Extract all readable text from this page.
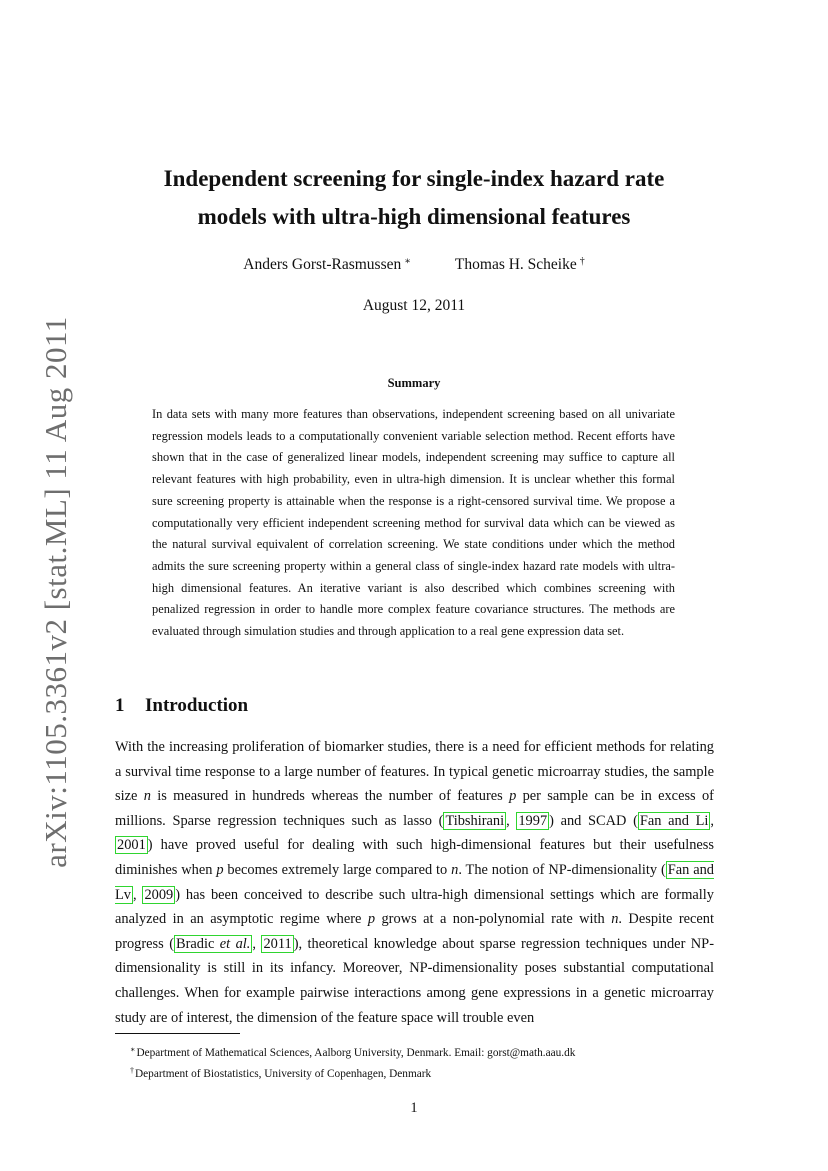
arXiv:1105.3361v2 [stat.ML] 11 Aug 2011
Independent screening for single-index hazard rate
models with ultra-high dimensional features
Anders Gorst-Rasmussen ∗	Thomas H. Scheike †
August 12, 2011
Summary
In data sets with many more features than observations, independent screening based on all univariate regression models leads to a computationally convenient variable selection method. Recent efforts have shown that in the case of generalized linear models, independent screening may suffice to capture all relevant features with high probability, even in ultra-high dimension. It is unclear whether this formal sure screening property is attainable when the response is a right-censored survival time. We propose a computationally very efficient independent screening method for survival data which can be viewed as the natural survival equivalent of correlation screening. We state conditions under which the method admits the sure screening property within a general class of single-index hazard rate models with ultra-high dimensional features. An iterative variant is also described which combines screening with penalized regression in order to handle more complex feature covariance structures. The methods are evaluated through simulation studies and through application to a real gene expression data set.
1 Introduction
With the increasing proliferation of biomarker studies, there is a need for efficient methods for relating a survival time response to a large number of features. In typical genetic microarray studies, the sample size n is measured in hundreds whereas the number of features p per sample can be in excess of millions. Sparse regression techniques such as lasso ( Tibshirani , 1997 ) and SCAD ( Fan and Li , 2001 ) have proved useful for dealing with such high-dimensional features but their usefulness diminishes when p becomes extremely large compared to n. The notion of NP-dimensionality ( Fan and Lv , 2009 ) has been conceived to describe such ultra-high dimensional settings which are formally analyzed in an asymptotic regime where p grows at a non-polynomial rate with n. Despite recent progress ( Bradic et al. , 2011 ), theoretical knowledge about sparse regression techniques under NP-dimensionality is still in its infancy. Moreover, NP-dimensionality poses substantial computational challenges. When for example pairwise interactions among gene expressions in a genetic microarray study are of interest, the dimension of the feature space will trouble even
∗Department of Mathematical Sciences, Aalborg University, Denmark. Email: gorst@math.aau.dk
†Department of Biostatistics, University of Copenhagen, Denmark
1
